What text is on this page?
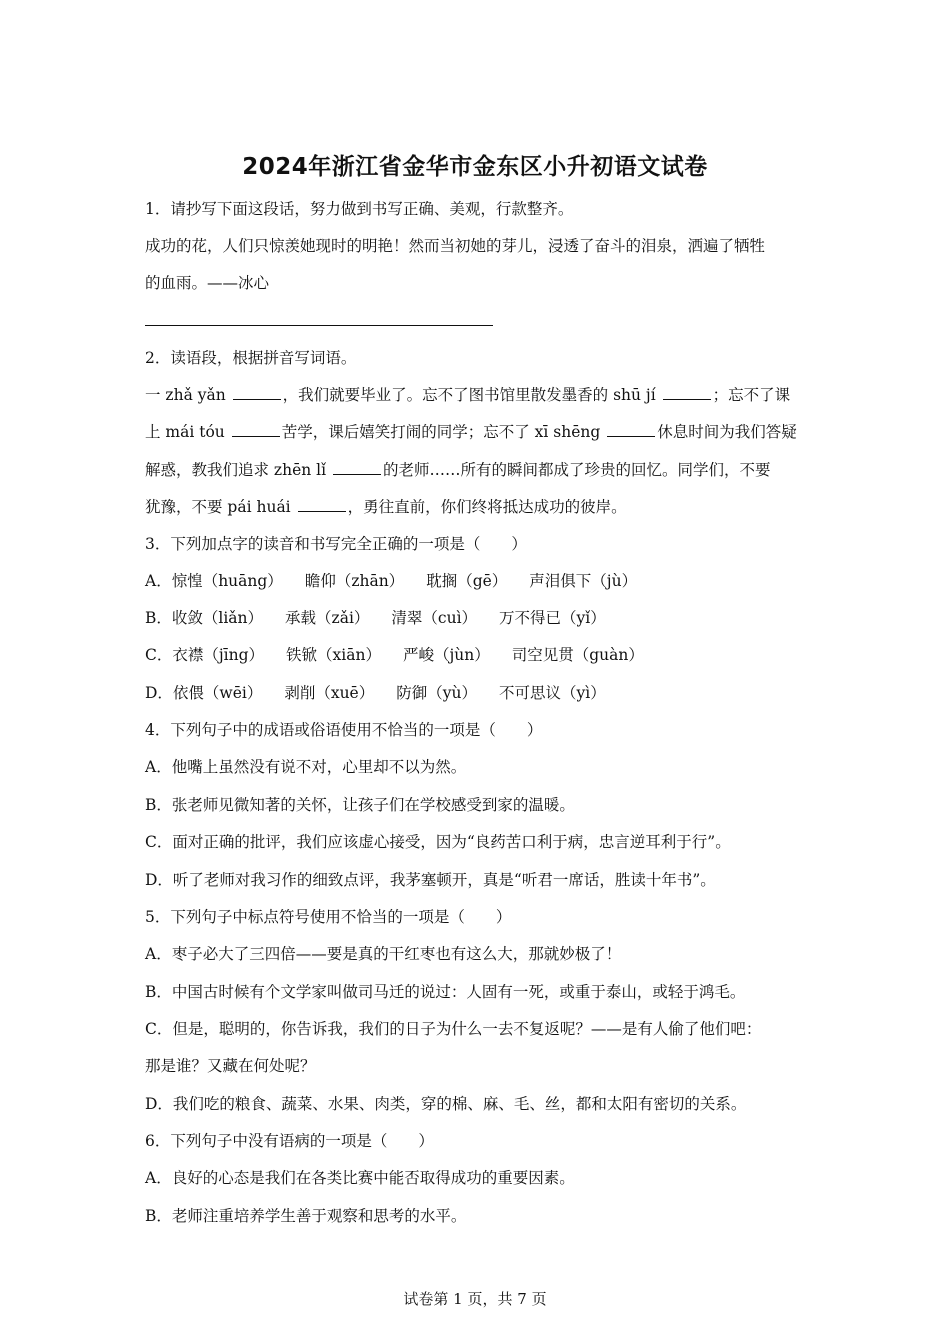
2024年浙江省金华市金东区小升初语文试卷
1．请抄写下面这段话，努力做到书写正确、美观，行款整齐。
成功的花，人们只惊羡她现时的明艳！然而当初她的芽儿，浸透了奋斗的泪泉，洒遍了牺牲
的血雨。——冰心
2．读语段，根据拼音写词语。
一 zhǎ yǎn	，我们就要毕业了。忘不了图书馆里散发墨香的 shū jí	；忘不了课
上 mái tóu	苦学，课后嬉笑打闹的同学；忘不了 xī shēng	休息时间为我们答疑
解惑，教我们追求 zhēn lǐ	的老师……所有的瞬间都成了珍贵的回忆。同学们，不要
犹豫，不要 pái huái	，勇往直前，你们终将抵达成功的彼岸。
3．下列加点字的读音和书写完全正确的一项是（　　）
A．惊惶（huāng） 瞻仰（zhān） 耽搁（gē） 声泪俱下（jù）
B．收敛（liǎn） 承载（zǎi） 清翠（cuì） 万不得已（yǐ）
C．衣襟（jīng） 铁锨（xiān） 严峻（jùn） 司空见贯（guàn）
D．依偎（wēi） 剥削（xuē） 防御（yù） 不可思议（yì）
4．下列句子中的成语或俗语使用不恰当的一项是（　　）
A．他嘴上虽然没有说不对，心里却不以为然。
B．张老师见微知著的关怀，让孩子们在学校感受到家的温暖。
C．面对正确的批评，我们应该虚心接受，因为“良药苦口利于病，忠言逆耳利于行”。
D．听了老师对我习作的细致点评，我茅塞顿开，真是“听君一席话，胜读十年书”。
5．下列句子中标点符号使用不恰当的一项是（　　）
A．枣子必大了三四倍——要是真的干红枣也有这么大，那就妙极了！
B．中国古时候有个文学家叫做司马迁的说过：人固有一死，或重于泰山，或轻于鸿毛。
C．但是，聪明的，你告诉我，我们的日子为什么一去不复返呢？——是有人偷了他们吧：
那是谁？又藏在何处呢？
D．我们吃的粮食、蔬菜、水果、肉类，穿的棉、麻、毛、丝，都和太阳有密切的关系。
6．下列句子中没有语病的一项是（　　）
A．良好的心态是我们在各类比赛中能否取得成功的重要因素。
B．老师注重培养学生善于观察和思考的水平。
试卷第 1 页，共 7 页
